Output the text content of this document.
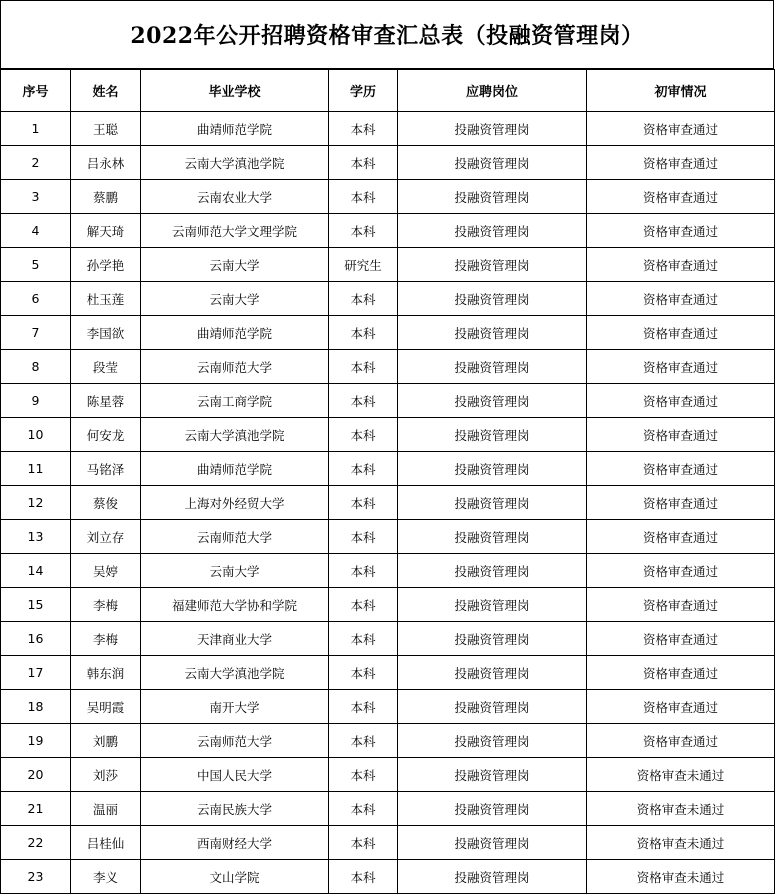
2022年公开招聘资格审查汇总表（投融资管理岗）
序号	姓名	毕业学校	学历	应聘岗位	初审情况
1	王聪	曲靖师范学院	本科	投融资管理岗	资格审查通过
2	吕永林	云南大学滇池学院	本科	投融资管理岗	资格审查通过
3	蔡鹏	云南农业大学	本科	投融资管理岗	资格审查通过
4	解天琦	云南师范大学文理学院	本科	投融资管理岗	资格审查通过
5	孙学艳	云南大学	研究生	投融资管理岗	资格审查通过
6	杜玉莲	云南大学	本科	投融资管理岗	资格审查通过
7	李国欲	曲靖师范学院	本科	投融资管理岗	资格审查通过
8	段莹	云南师范大学	本科	投融资管理岗	资格审查通过
9	陈星蓉	云南工商学院	本科	投融资管理岗	资格审查通过
10	何安龙	云南大学滇池学院	本科	投融资管理岗	资格审查通过
11	马铭泽	曲靖师范学院	本科	投融资管理岗	资格审查通过
12	蔡俊	上海对外经贸大学	本科	投融资管理岗	资格审查通过
13	刘立存	云南师范大学	本科	投融资管理岗	资格审查通过
14	吴婷	云南大学	本科	投融资管理岗	资格审查通过
15	李梅	福建师范大学协和学院	本科	投融资管理岗	资格审查通过
16	李梅	天津商业大学	本科	投融资管理岗	资格审查通过
17	韩东润	云南大学滇池学院	本科	投融资管理岗	资格审查通过
18	吴明霞	南开大学	本科	投融资管理岗	资格审查通过
19	刘鹏	云南师范大学	本科	投融资管理岗	资格审查通过
20	刘莎	中国人民大学	本科	投融资管理岗	资格审查未通过
21	温丽	云南民族大学	本科	投融资管理岗	资格审查未通过
22	吕桂仙	西南财经大学	本科	投融资管理岗	资格审查未通过
23	李义	文山学院	本科	投融资管理岗	资格审查未通过
